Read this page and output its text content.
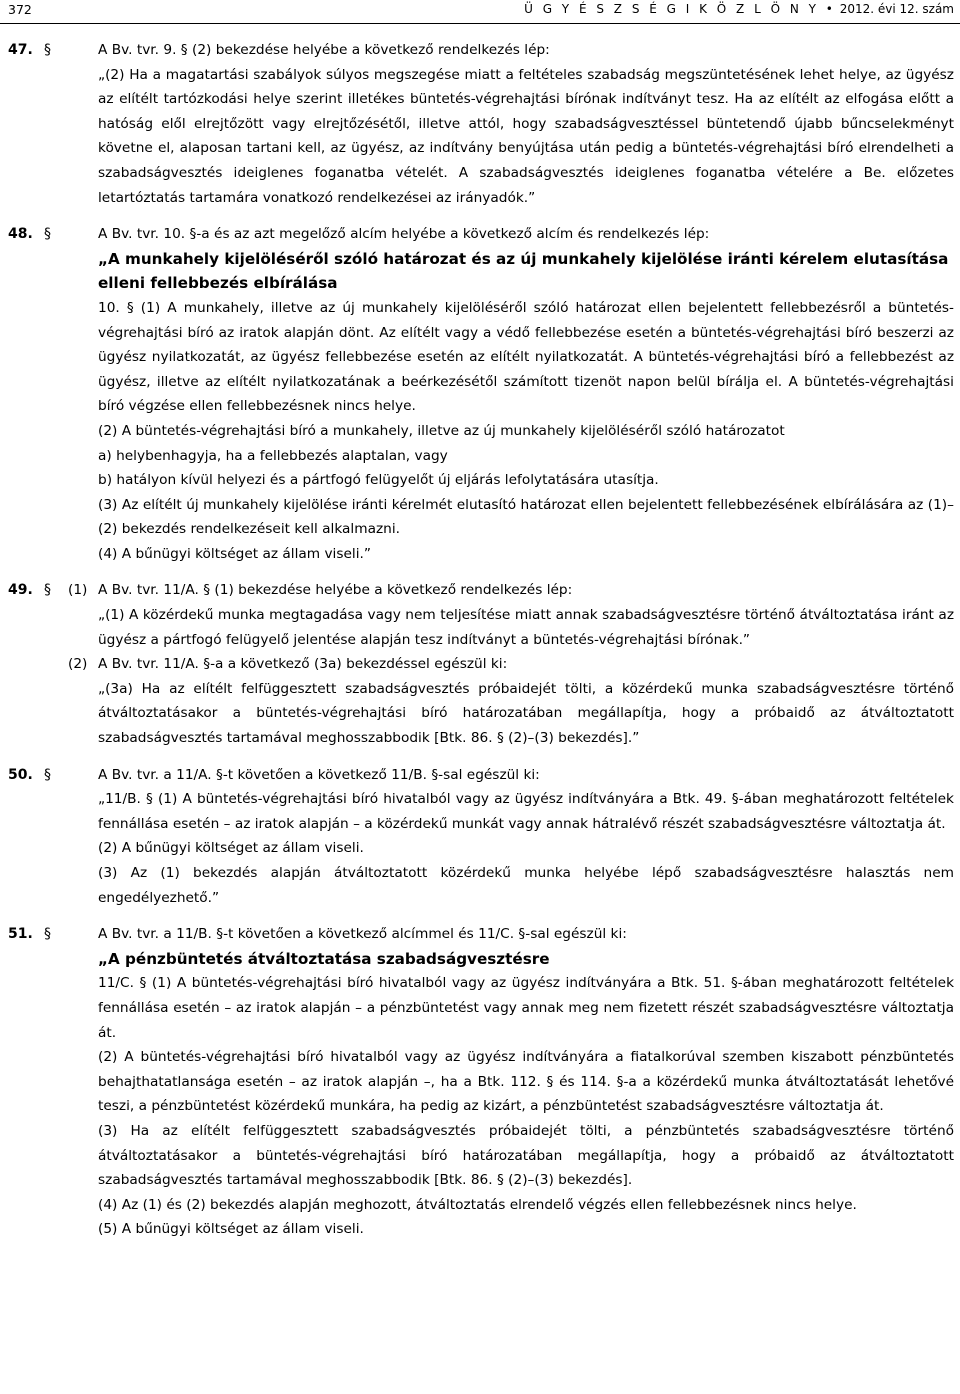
372	Ü G Y É S Z S É G I K Ö Z L Ö N Y • 2012. évi 12. szám
47. §	A Bv. tvr. 9. § (2) bekezdése helyébe a következő rendelkezés lép:

„(2) Ha a magatartási szabályok súlyos megszegése miatt a feltételes szabadság megszüntetésének lehet helye, az ügyész az elítélt tartózkodási helye szerint illetékes büntetés-végrehajtási bírónak indítványt tesz. Ha az elítélt az elfogása előtt a hatóság elől elrejtőzött vagy elrejtőzésétől, illetve attól, hogy szabadságvesztéssel büntetendő újabb bűncselekményt követne el, alaposan tartani kell, az ügyész, az indítvány benyújtása után pedig a büntetés-végrehajtási bíró elrendelheti a szabadságvesztés ideiglenes foganatba vételét. A szabadságvesztés ideiglenes foganatba vételére a Be. előzetes letartóztatás tartamára vonatkozó rendelkezései az irányadók.”

48. §	A Bv. tvr. 10. §-a és az azt megelőző alcím helyébe a következő alcím és rendelkezés lép:

„A munkahely kijelöléséről szóló határozat és az új munkahely kijelölése iránti kérelem elutasítása elleni fellebbezés elbírálása

10. § (1) A munkahely, illetve az új munkahely kijelöléséről szóló határozat ellen bejelentett fellebbezésről a büntetés-végrehajtási bíró az iratok alapján dönt. Az elítélt vagy a védő fellebbezése esetén a büntetés-végrehajtási bíró beszerzi az ügyész nyilatkozatát, az ügyész fellebbezése esetén az elítélt nyilatkozatát. A büntetés-végrehajtási bíró a fellebbezést az ügyész, illetve az elítélt nyilatkozatának a beérkezésétől számított tizenöt napon belül bírálja el. A büntetés-végrehajtási bíró végzése ellen fellebbezésnek nincs helye.

(2) A büntetés-végrehajtási bíró a munkahely, illetve az új munkahely kijelöléséről szóló határozatot

a) helybenhagyja, ha a fellebbezés alaptalan, vagy

b) hatályon kívül helyezi és a pártfogó felügyelőt új eljárás lefolytatására utasítja.

(3) Az elítélt új munkahely kijelölése iránti kérelmét elutasító határozat ellen bejelentett fellebbezésének elbírálására az (1)–(2) bekezdés rendelkezéseit kell alkalmazni.

(4) A bűnügyi költséget az állam viseli.”

49. § (1) A Bv. tvr. 11/A. § (1) bekezdése helyébe a következő rendelkezés lép:

„(1) A közérdekű munka megtagadása vagy nem teljesítése miatt annak szabadságvesztésre történő átváltoztatása iránt az ügyész a pártfogó felügyelő jelentése alapján tesz indítványt a büntetés-végrehajtási bírónak.”

(2) A Bv. tvr. 11/A. §-a a következő (3a) bekezdéssel egészül ki:

„(3a) Ha az elítélt felfüggesztett szabadságvesztés próbaidejét tölti, a közérdekű munka szabadságvesztésre történő átváltoztatásakor a büntetés-végrehajtási bíró határozatában megállapítja, hogy a próbaidő az átváltoztatott szabadságvesztés tartamával meghosszabbodik [Btk. 86. § (2)–(3) bekezdés].”

50. §	A Bv. tvr. a 11/A. §-t követően a következő 11/B. §-sal egészül ki:

„11/B. § (1) A büntetés-végrehajtási bíró hivatalból vagy az ügyész indítványára a Btk. 49. §-ában meghatározott feltételek fennállása esetén – az iratok alapján – a közérdekű munkát vagy annak hátralévő részét szabadságvesztésre változtatja át.

(2) A bűnügyi költséget az állam viseli.

(3) Az (1) bekezdés alapján átváltoztatott közérdekű munka helyébe lépő szabadságvesztésre halasztás nem engedélyezhető.”

51. §	A Bv. tvr. a 11/B. §-t követően a következő alcímmel és 11/C. §-sal egészül ki:

„A pénzbüntetés átváltoztatása szabadságvesztésre

11/C. § (1) A büntetés-végrehajtási bíró hivatalból vagy az ügyész indítványára a Btk. 51. §-ában meghatározott feltételek fennállása esetén – az iratok alapján – a pénzbüntetést vagy annak meg nem fizetett részét szabadságvesztésre változtatja át.

(2) A büntetés-végrehajtási bíró hivatalból vagy az ügyész indítványára a fiatalkorúval szemben kiszabott pénzbüntetés behajthatatlansága esetén – az iratok alapján –, ha a Btk. 112. § és 114. §-a a közérdekű munka átváltoztatását lehetővé teszi, a pénzbüntetést közérdekű munkára, ha pedig az kizárt, a pénzbüntetést szabadságvesztésre változtatja át.

(3) Ha az elítélt felfüggesztett szabadságvesztés próbaidejét tölti, a pénzbüntetés szabadságvesztésre történő átváltoztatásakor a büntetés-végrehajtási bíró határozatában megállapítja, hogy a próbaidő az átváltoztatott szabadságvesztés tartamával meghosszabbodik [Btk. 86. § (2)–(3) bekezdés].

(4) Az (1) és (2) bekezdés alapján meghozott, átváltoztatás elrendelő végzés ellen fellebbezésnek nincs helye.

(5) A bűnügyi költséget az állam viseli.
